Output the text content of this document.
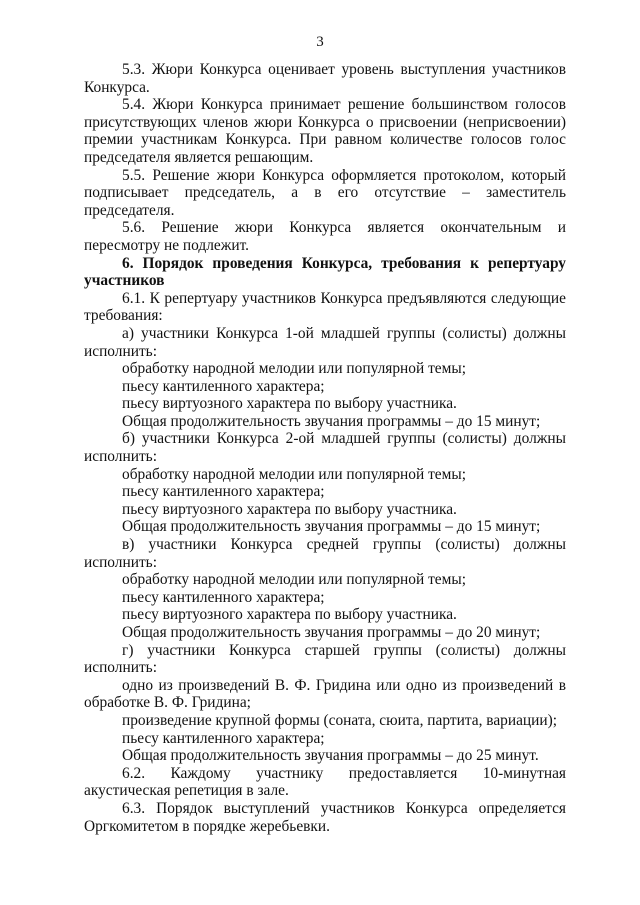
3

5.3. Жюри Конкурса оценивает уровень выступления участников Конкурса.

5.4. Жюри Конкурса принимает решение большинством голосов присутствующих членов жюри Конкурса о присвоении (неприсвоении) премии участникам Конкурса. При равном количестве голосов голос председателя является решающим.

5.5. Решение жюри Конкурса оформляется протоколом, который подписывает председатель, а в его отсутствие – заместитель председателя.

5.6. Решение жюри Конкурса является окончательным и пересмотру не подлежит.

6. Порядок проведения Конкурса, требования к репертуару участников

6.1. К репертуару участников Конкурса предъявляются следующие требования:

а) участники Конкурса 1-ой младшей группы (солисты) должны исполнить:

обработку народной мелодии или популярной темы;

пьесу кантиленного характера;

пьесу виртуозного характера по выбору участника.

Общая продолжительность звучания программы – до 15 минут;

б) участники Конкурса 2-ой младшей группы (солисты) должны исполнить:

обработку народной мелодии или популярной темы;

пьесу кантиленного характера;

пьесу виртуозного характера по выбору участника.

Общая продолжительность звучания программы – до 15 минут;

в) участники Конкурса средней группы (солисты) должны исполнить:

обработку народной мелодии или популярной темы;

пьесу кантиленного характера;

пьесу виртуозного характера по выбору участника.

Общая продолжительность звучания программы – до 20 минут;

г) участники Конкурса старшей группы (солисты) должны исполнить:

одно из произведений В. Ф. Гридина или одно из произведений в обработке В. Ф. Гридина;

произведение крупной формы (соната, сюита, партита, вариации);

пьесу кантиленного характера;

Общая продолжительность звучания программы – до 25 минут.

6.2. Каждому участнику предоставляется 10-минутная акустическая репетиция в зале.

6.3. Порядок выступлений участников Конкурса определяется Оргкомитетом в порядке жеребьевки.
